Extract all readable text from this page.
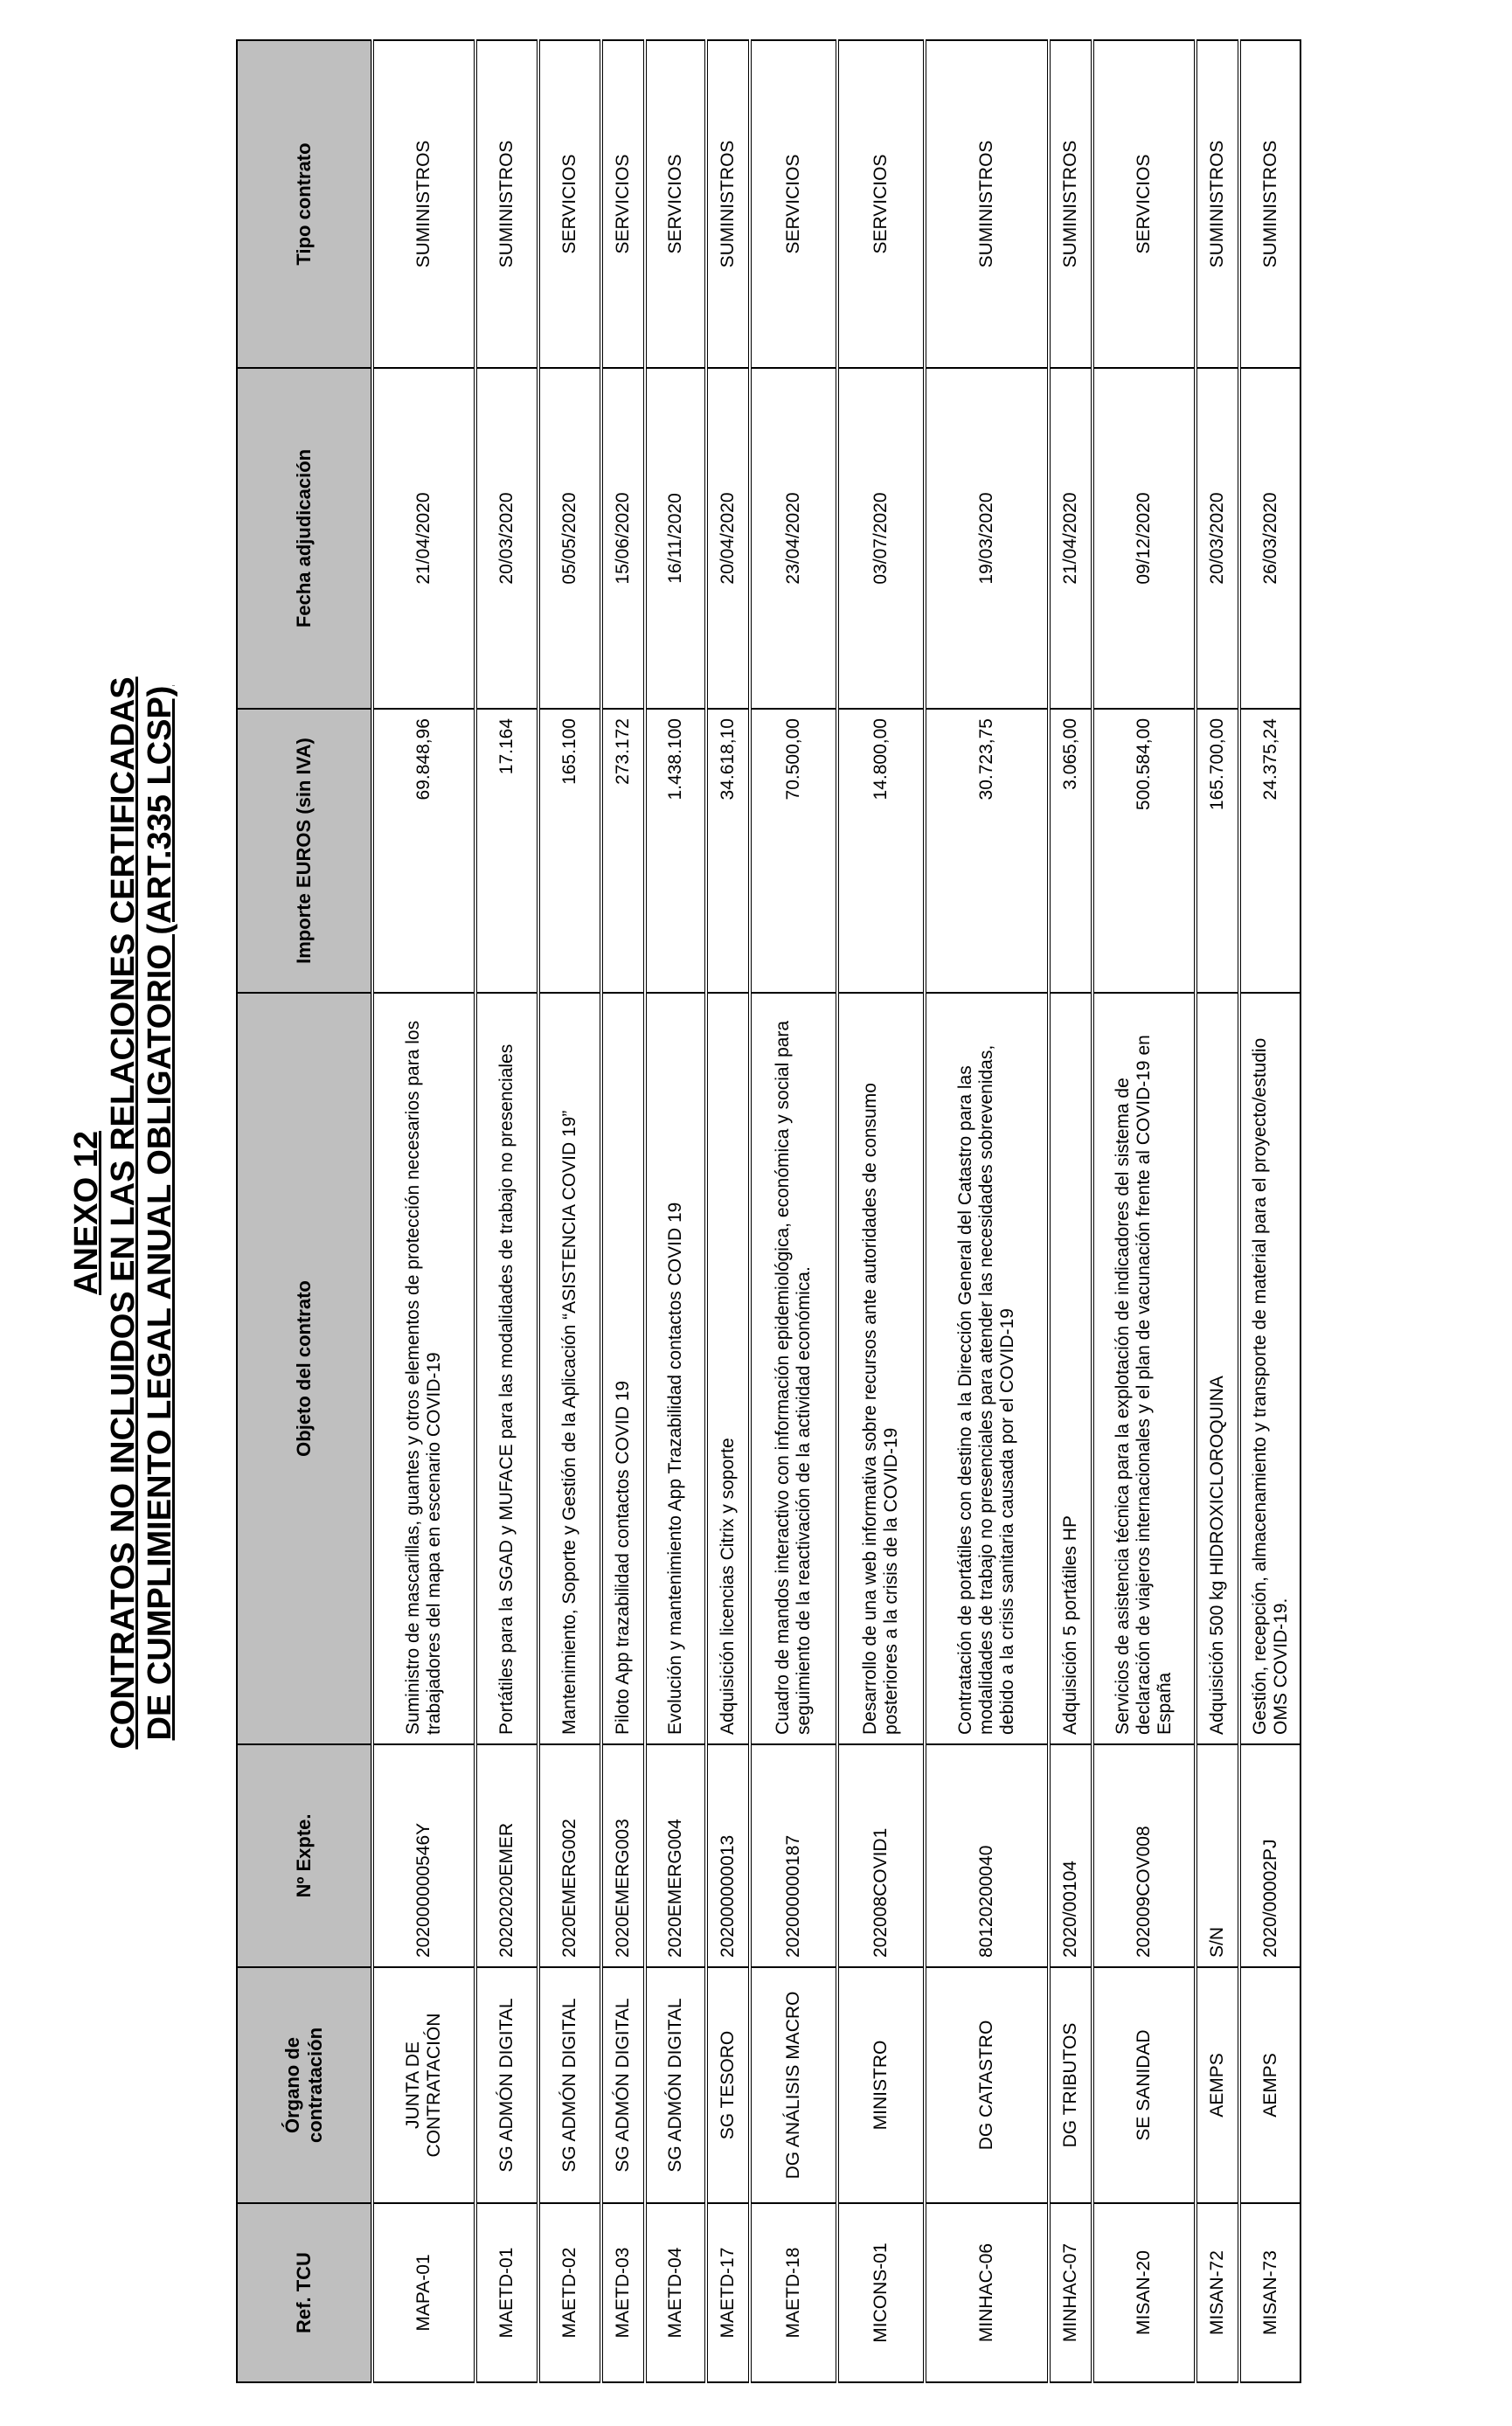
ANEXO 12 CONTRATOS NO INCLUIDOS EN LAS RELACIONES CERTIFICADAS DE CUMPLIMIENTO LEGAL ANUAL OBLIGATORIO (ART.335 LCSP)
Ref. TCU	Órgano de contratación	Nº Expte.	Objeto del contrato	Importe EUROS (sin IVA)	Fecha adjudicación	Tipo contrato
MAPA-01	JUNTA DE CONTRATACIÓN	202000000546Y	Suministro de mascarillas, guantes y otros elementos de protección necesarios para los trabajadores del mapa en escenario COVID-19	69.848,96	21/04/2020	SUMINISTROS
MAETD-01	SG ADMÓN DIGITAL	20202020EMER	Portátiles para la SGAD y MUFACE para las modalidades de trabajo no presenciales	17.164	20/03/2020	SUMINISTROS
MAETD-02	SG ADMÓN DIGITAL	2020EMERG002	Mantenimiento, Soporte y Gestión de la Aplicación “ASISTENCIA COVID 19”	165.100	05/05/2020	SERVICIOS
MAETD-03	SG ADMÓN DIGITAL	2020EMERG003	Piloto App trazabilidad contactos COVID 19	273.172	15/06/2020	SERVICIOS
MAETD-04	SG ADMÓN DIGITAL	2020EMERG004	Evolución y mantenimiento App Trazabilidad contactos COVID 19	1.438.100	16/11/2020	SERVICIOS
MAETD-17	SG TESORO	202000000013	Adquisición licencias Citrix y soporte	34.618,10	20/04/2020	SUMINISTROS
MAETD-18	DG ANÁLISIS MACRO	202000000187	Cuadro de mandos interactivo con información epidemiológica, económica y social para seguimiento de la reactivación de la actividad económica.	70.500,00	23/04/2020	SERVICIOS
MICONS-01	MINISTRO	202008COVID1	Desarrollo de una web informativa sobre recursos ante autoridades de consumo posteriores a la crisis de la COVID-19	14.800,00	03/07/2020	SERVICIOS
MINHAC-06	DG CATASTRO	80120200040	Contratación de portátiles con destino a la Dirección General del Catastro para las modalidades de trabajo no presenciales para atender las necesidades sobrevenidas, debido a la crisis sanitaria causada por el COVID-19	30.723,75	19/03/2020	SUMINISTROS
MINHAC-07	DG TRIBUTOS	2020/00104	Adquisición 5 portátiles HP	3.065,00	21/04/2020	SUMINISTROS
MISAN-20	SE SANIDAD	202009COV008	Servicios de asistencia técnica para la explotación de indicadores del sistema de declaración de viajeros internacionales y el plan de vacunación frente al COVID-19 en España	500.584,00	09/12/2020	SERVICIOS
MISAN-72	AEMPS	S/N	Adquisición 500 kg HIDROXICLOROQUINA	165.700,00	20/03/2020	SUMINISTROS
MISAN-73	AEMPS	2020/00002PJ	Gestión, recepción, almacenamiento y transporte de material para el proyecto/estudio OMS COVID-19.	24.375,24	26/03/2020	SUMINISTROS
